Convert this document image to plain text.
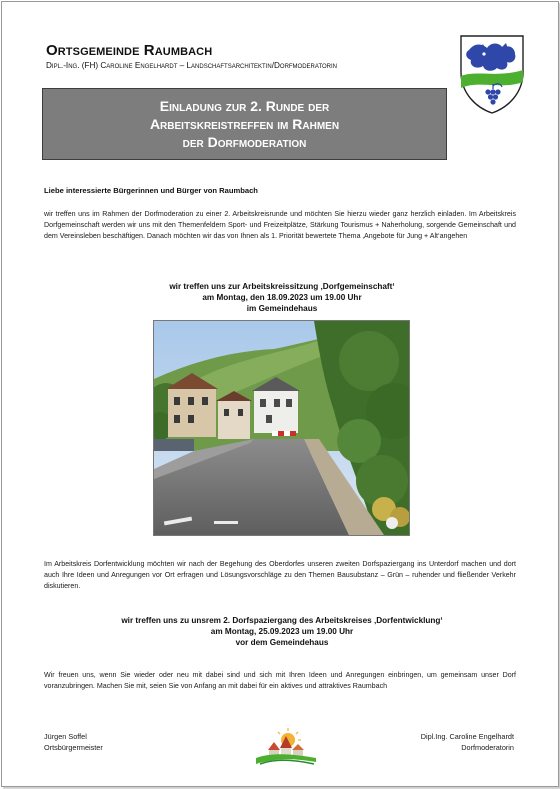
Ortsgemeinde Raumbach
Dipl.-Ing. (FH) Caroline Engelhardt – Landschaftsarchitektin/Dorfmoderatorin
Einladung zur 2. Runde der
Arbeitskreistreffen im Rahmen
der Dorfmoderation
Liebe interessierte Bürgerinnen und Bürger von Raumbach
wir treffen uns im Rahmen der Dorfmoderation zu einer 2. Arbeitskreisrunde und möchten Sie hierzu wieder ganz herzlich einladen. Im Arbeitskreis Dorfgemeinschaft werden wir uns mit den Themenfeldern Sport- und Freizeitplätze, Stärkung Tourismus + Naherholung, sorgende Gemeinschaft und dem Vereinsleben beschäftigen. Danach möchten wir das von Ihnen als 1. Priorität bewertete Thema ‚Angebote für Jung + Alt‘angehen
wir treffen uns zur Arbeitskreissitzung ‚Dorfgemeinschaft‘
am Montag, den 18.09.2023 um 19.00 Uhr
im Gemeindehaus
Im Arbeitskreis Dorfentwicklung möchten wir nach der Begehung des Oberdorfes unseren zweiten Dorfspaziergang ins Unterdorf machen und dort auch Ihre Ideen und Anregungen vor Ort erfragen und Lösungsvorschläge zu den Themen Bausubstanz – Grün – ruhender und fließender Verkehr diskutieren.
wir treffen uns zu unsrem 2. Dorfspaziergang des Arbeitskreises ‚Dorfentwicklung‘
am Montag, 25.09.2023 um 19.00 Uhr
vor dem Gemeindehaus
Wir freuen uns, wenn Sie wieder oder neu mit dabei sind und sich mit Ihren Ideen und Anregungen einbringen, um gemeinsam unser Dorf voranzubringen. Machen Sie mit, seien Sie von Anfang an mit dabei für ein aktives und attraktives Raumbach
Jürgen Soffel
Ortsbürgermeister
Dipl.Ing. Caroline Engelhardt
Dorfmoderatorin
